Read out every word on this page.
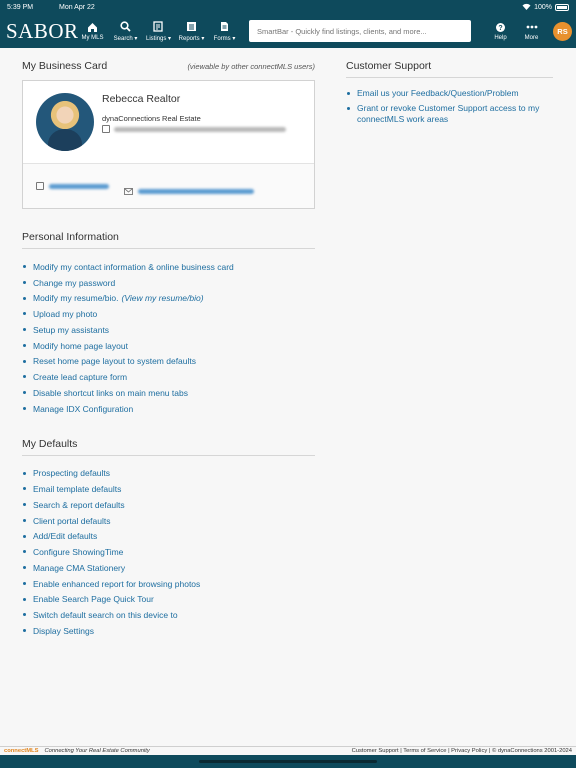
5:39 PM	Mon Apr 22	100%
SABOR My MLS Search ▾ Listings ▾ Reports ▾ Forms ▾
SmartBar - Quickly find listings, clients, and more...
?
Help	More
RS
My Business Card	(viewable by other connectMLS users)
Rebecca Realtor
dynaConnections Real Estate
Personal Information
Modify my contact information & online business card
Change my password
Modify my resume/bio. (View my resume/bio)
Upload my photo
Setup my assistants
Modify home page layout
Reset home page layout to system defaults
Create lead capture form
Disable shortcut links on main menu tabs
Manage IDX Configuration
My Defaults
Prospecting defaults
Email template defaults
Search & report defaults
Client portal defaults
Add/Edit defaults
Configure ShowingTime
Manage CMA Stationery
Enable enhanced report for browsing photos
Enable Search Page Quick Tour
Switch default search on this device to
Display Settings
Customer Support
Email us your Feedback/Question/Problem
Grant or revoke Customer Support access to my connectMLS work areas
connectMLS Connecting Your Real Estate Community	Customer Support | Terms of Service | Privacy Policy | © dynaConnections 2001-2024
